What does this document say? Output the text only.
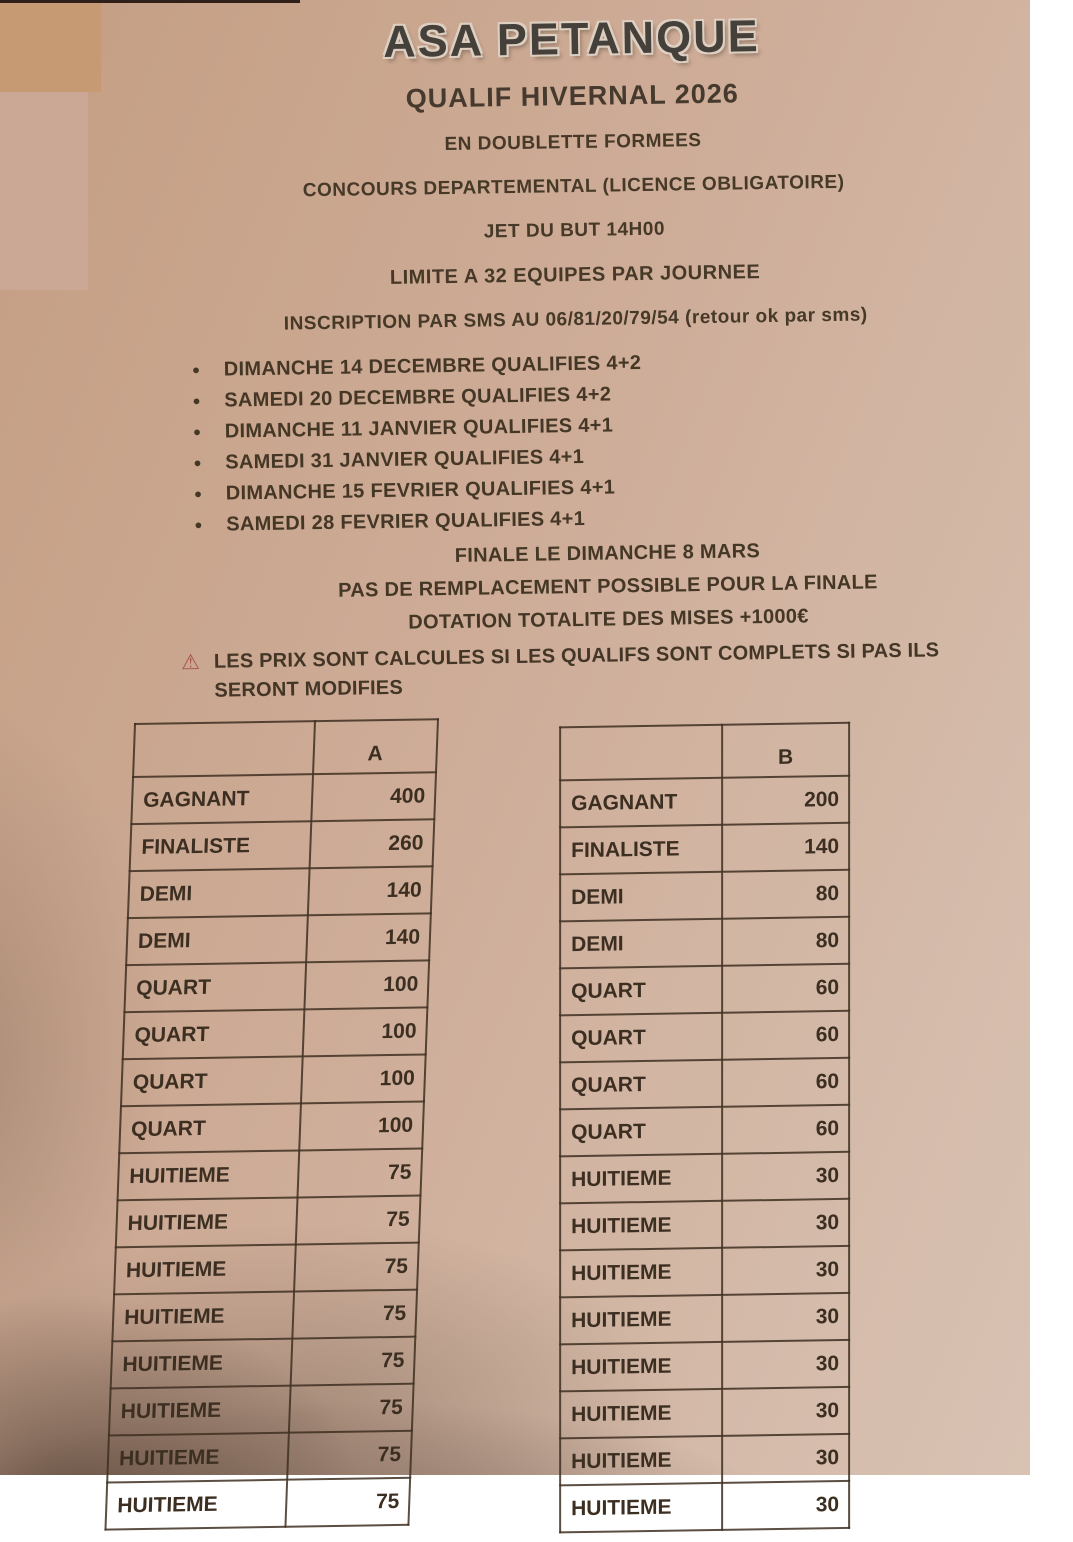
ASA PETANQUE
QUALIF HIVERNAL 2026
EN DOUBLETTE FORMEES
CONCOURS DEPARTEMENTAL (LICENCE OBLIGATOIRE)
JET DU BUT 14H00
LIMITE A 32 EQUIPES PAR JOURNEE
INSCRIPTION PAR SMS AU 06/81/20/79/54 (retour ok par sms)
• DIMANCHE 14 DECEMBRE QUALIFIES 4+2
• SAMEDI 20 DECEMBRE QUALIFIES 4+2
• DIMANCHE 11 JANVIER QUALIFIES 4+1
• SAMEDI 31 JANVIER QUALIFIES 4+1
• DIMANCHE 15 FEVRIER QUALIFIES 4+1
• SAMEDI 28 FEVRIER QUALIFIES 4+1
FINALE LE DIMANCHE 8 MARS
PAS DE REMPLACEMENT POSSIBLE POUR LA FINALE
DOTATION TOTALITE DES MISES +1000€
⚠ LES PRIX SONT CALCULES SI LES QUALIFS SONT COMPLETS SI PAS ILS SERONT MODIFIES

	A
GAGNANT	400
FINALISTE	260
DEMI	140
DEMI	140
QUART	100
QUART	100
QUART	100
QUART	100
HUITIEME	75
HUITIEME	75
HUITIEME	75
HUITIEME	75
HUITIEME	75
HUITIEME	75
HUITIEME	75
HUITIEME	75
	B
GAGNANT	200
FINALISTE	140
DEMI	80
DEMI	80
QUART	60
QUART	60
QUART	60
QUART	60
HUITIEME	30
HUITIEME	30
HUITIEME	30
HUITIEME	30
HUITIEME	30
HUITIEME	30
HUITIEME	30
HUITIEME	30
